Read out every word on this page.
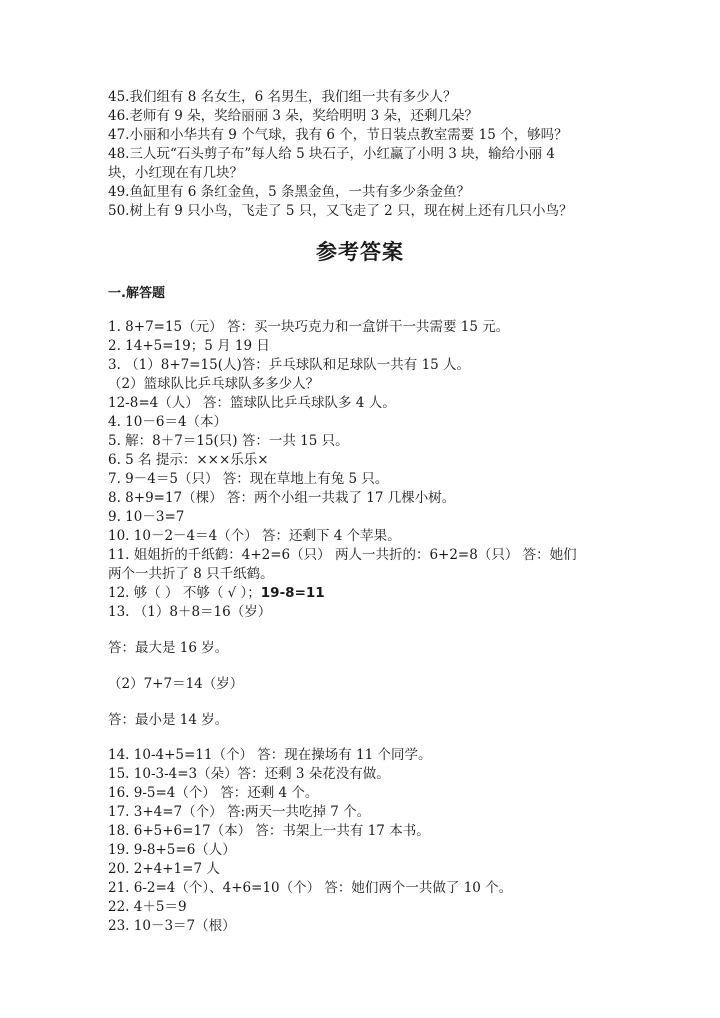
45.我们组有 8 名女生，6 名男生，我们组一共有多少人？
46.老师有 9 朵，奖给丽丽 3 朵，奖给明明 3 朵，还剩几朵？
47.小丽和小华共有 9 个气球，我有 6 个，节日装点教室需要 15 个，够吗？
48.三人玩“石头剪子布”每人给 5 块石子，小红赢了小明 3 块，输给小丽 4
块，小红现在有几块？
49.鱼缸里有 6 条红金鱼，5 条黑金鱼，一共有多少条金鱼？
50.树上有 9 只小鸟，飞走了 5 只，又飞走了 2 只，现在树上还有几只小鸟？
参考答案
一.解答题
1. 8+7=15（元） 答：买一块巧克力和一盒饼干一共需要 15 元。
2. 14+5=19；5 月 19 日
3. （1）8+7=15(人)答：乒乓球队和足球队一共有 15 人。
（2）篮球队比乒乓球队多多少人？
12-8=4（人） 答：篮球队比乒乓球队多 4 人。
4. 10－6＝4（本）
5. 解：8＋7＝15(只) 答：一共 15 只。
6. 5 名 提示：×××乐乐×
7. 9－4＝5（只） 答：现在草地上有兔 5 只。
8. 8+9=17（棵） 答：两个小组一共栽了 17 几棵小树。
9. 10－3=7
10. 10－2－4＝4（个） 答：还剩下 4 个苹果。
11. 姐姐折的千纸鹤：4+2=6（只） 两人一共折的：6+2=8（只） 答：她们
两个一共折了 8 只千纸鹤。
12. 够（ ） 不够（ √ ）；19-8=11
13. （1）8＋8＝16（岁）
答：最大是 16 岁。
（2）7+7＝14（岁）
答：最小是 14 岁。
14. 10-4+5=11（个） 答：现在操场有 11 个同学。
15. 10-3-4=3（朵）答：还剩 3 朵花没有做。
16. 9-5=4（个） 答：还剩 4 个。
17. 3+4=7（个） 答:两天一共吃掉 7 个。
18. 6+5+6=17（本） 答：书架上一共有 17 本书。
19. 9-8+5=6（人）
20. 2+4+1=7 人
21. 6-2=4（个）、4+6=10（个） 答：她们两个一共做了 10 个。
22. 4＋5＝9
23. 10－3＝7（根）
